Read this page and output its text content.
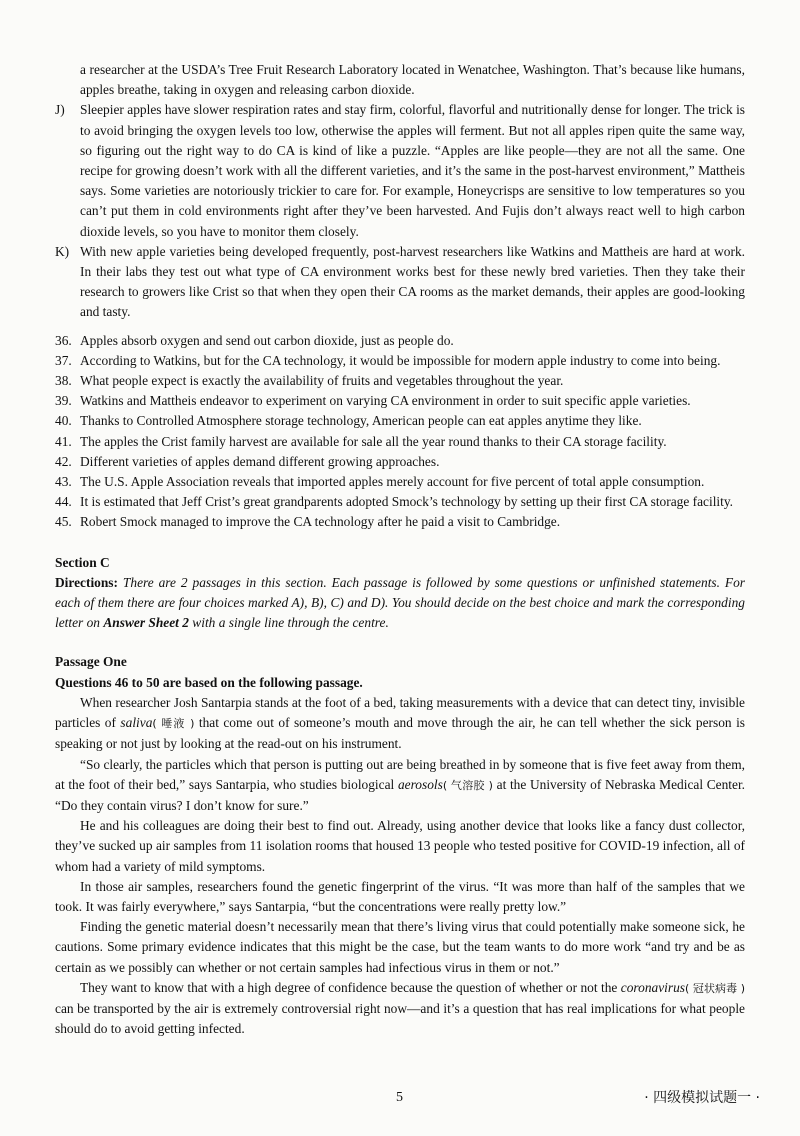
a researcher at the USDA’s Tree Fruit Research Laboratory located in Wenatchee, Washington. That’s because like humans, apples breathe, taking in oxygen and releasing carbon dioxide.
J)	Sleepier apples have slower respiration rates and stay firm, colorful, flavorful and nutritionally dense for longer. The trick is to avoid bringing the oxygen levels too low, otherwise the apples will ferment. But not all apples ripen quite the same way, so figuring out the right way to do CA is kind of like a puzzle. “Apples are like people—they are not all the same. One recipe for growing doesn’t work with all the different varieties, and it’s the same in the post-harvest environment,” Mattheis says. Some varieties are notoriously trickier to care for. For example, Honeycrisps are sensitive to low temperatures so you can’t put them in cold environments right after they’ve been harvested. And Fujis don’t always react well to high carbon dioxide levels, so you have to monitor them closely.
K) With new apple varieties being developed frequently, post-harvest researchers like Watkins and Mattheis are hard at work. In their labs they test out what type of CA environment works best for these newly bred varieties. Then they take their research to growers like Crist so that when they open their CA rooms as the market demands, their apples are good-looking and tasty.
36. Apples absorb oxygen and send out carbon dioxide, just as people do.
37. According to Watkins, but for the CA technology, it would be impossible for modern apple industry to come into being.
38. What people expect is exactly the availability of fruits and vegetables throughout the year.
39. Watkins and Mattheis endeavor to experiment on varying CA environment in order to suit specific apple varieties.
40. Thanks to Controlled Atmosphere storage technology, American people can eat apples anytime they like.
41. The apples the Crist family harvest are available for sale all the year round thanks to their CA storage facility.
42. Different varieties of apples demand different growing approaches.
43. The U.S. Apple Association reveals that imported apples merely account for five percent of total apple consumption.
44. It is estimated that Jeff Crist’s great grandparents adopted Smock’s technology by setting up their first CA storage facility.
45. Robert Smock managed to improve the CA technology after he paid a visit to Cambridge.
Section C
Directions: There are 2 passages in this section. Each passage is followed by some questions or unfinished statements. For each of them there are four choices marked A), B), C) and D). You should decide on the best choice and mark the corresponding letter on Answer Sheet 2 with a single line through the centre.
Passage One
Questions 46 to 50 are based on the following passage.
When researcher Josh Santarpia stands at the foot of a bed, taking measurements with a device that can detect tiny, invisible particles of saliva( 唾液 ) that come out of someone’s mouth and move through the air, he can tell whether the sick person is speaking or not just by looking at the read-out on his instrument.
“So clearly, the particles which that person is putting out are being breathed in by someone that is five feet away from them, at the foot of their bed,” says Santarpia, who studies biological aerosols( 气溶胶 ) at the University of Nebraska Medical Center. “Do they contain virus? I don’t know for sure.”
He and his colleagues are doing their best to find out. Already, using another device that looks like a fancy dust collector, they’ve sucked up air samples from 11 isolation rooms that housed 13 people who tested positive for COVID-19 infection, all of whom had a variety of mild symptoms.
In those air samples, researchers found the genetic fingerprint of the virus. “It was more than half of the samples that we took. It was fairly everywhere,” says Santarpia, “but the concentrations were really pretty low.”
Finding the genetic material doesn’t necessarily mean that there’s living virus that could potentially make someone sick, he cautions. Some primary evidence indicates that this might be the case, but the team wants to do more work “and try and be as certain as we possibly can whether or not certain samples had infectious virus in them or not.”
They want to know that with a high degree of confidence because the question of whether or not the coronavirus( 冠状病毒 ) can be transported by the air is extremely controversial right now—and it’s a question that has real implications for what people should do to avoid getting infected.
5	· 四级模拟试题一 ·
